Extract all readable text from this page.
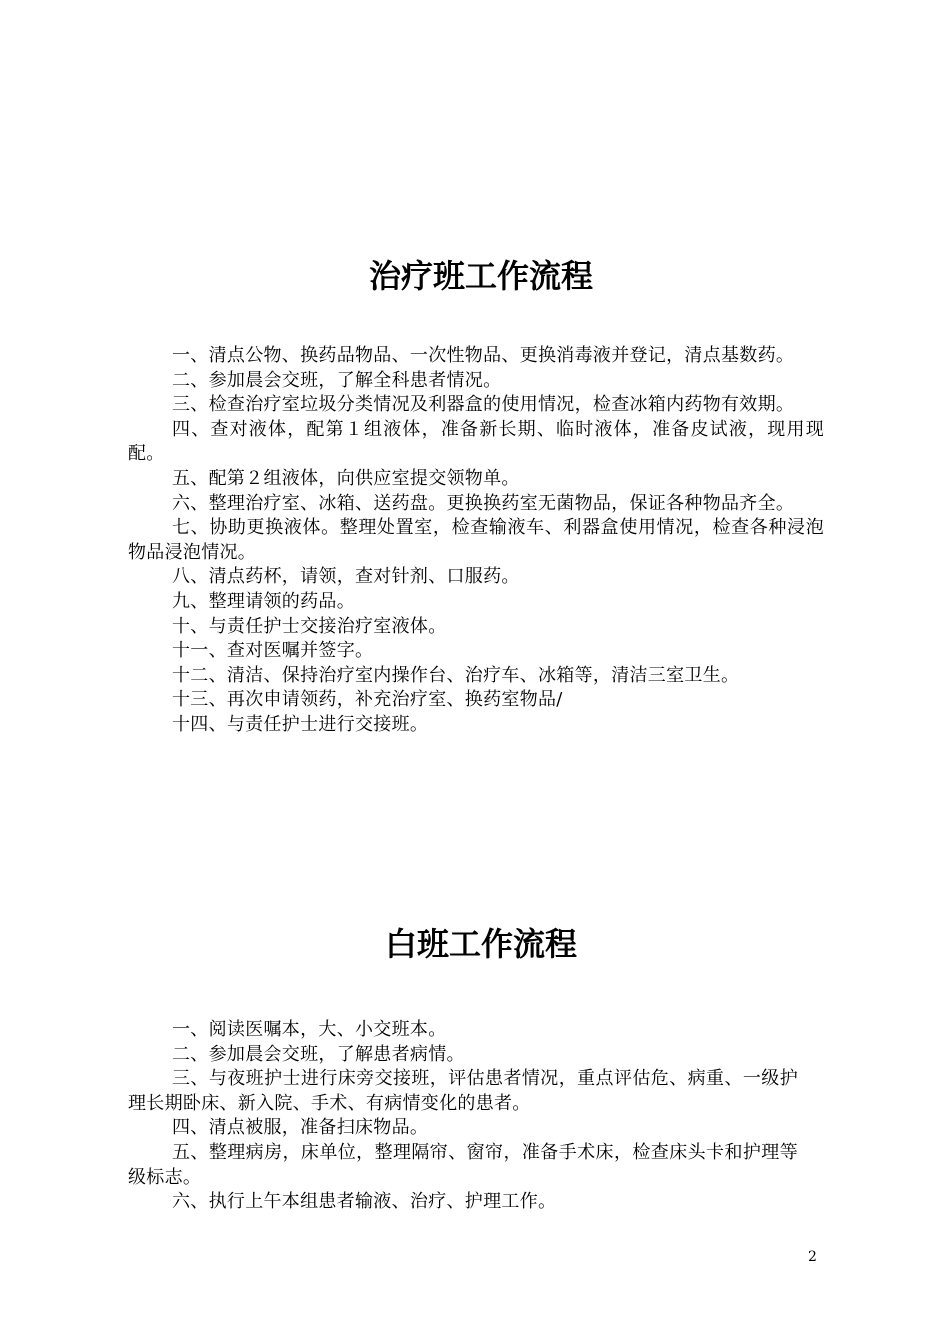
治疗班工作流程

一、清点公物、换药品物品、一次性物品、更换消毒液并登记，清点基数药。

二、参加晨会交班，了解全科患者情况。

三、检查治疗室垃圾分类情况及利器盒的使用情况，检查冰箱内药物有效期。

四、查对液体，配第１组液体，准备新长期、临时液体，准备皮试液，现用现配。

五、配第２组液体，向供应室提交领物单。

六、整理治疗室、冰箱、送药盘。更换换药室无菌物品，保证各种物品齐全。

七、协助更换液体。整理处置室，检查输液车、利器盒使用情况，检查各种浸泡物品浸泡情况。

八、清点药杯，请领，查对针剂、口服药。

九、整理请领的药品。

十、与责任护士交接治疗室液体。

十一、查对医嘱并签字。

十二、清洁、保持治疗室内操作台、治疗车、冰箱等，清洁三室卫生。

十三、再次申请领药，补充治疗室、换药室物品/

十四、与责任护士进行交接班。

白班工作流程

一、阅读医嘱本，大、小交班本。

二、参加晨会交班，了解患者病情。

三、与夜班护士进行床旁交接班，评估患者情况，重点评估危、病重、一级护理长期卧床、新入院、手术、有病情变化的患者。

四、清点被服，准备扫床物品。

五、整理病房，床单位，整理隔帘、窗帘，准备手术床，检查床头卡和护理等级标志。

六、执行上午本组患者输液、治疗、护理工作。

2
